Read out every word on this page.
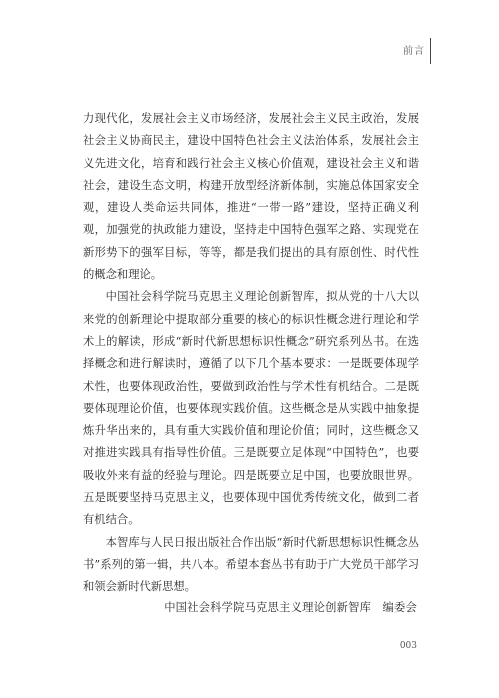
前言

力现代化，发展社会主义市场经济，发展社会主义民主政治，发展社会主义协商民主，建设中国特色社会主义法治体系，发展社会主义先进文化，培育和践行社会主义核心价值观，建设社会主义和谐社会，建设生态文明，构建开放型经济新体制，实施总体国家安全观，建设人类命运共同体，推进“一带一路”建设，坚持正确义利观，加强党的执政能力建设，坚持走中国特色强军之路、实现党在新形势下的强军目标，等等，都是我们提出的具有原创性、时代性的概念和理论。

中国社会科学院马克思主义理论创新智库，拟从党的十八大以来党的创新理论中提取部分重要的核心的标识性概念进行理论和学术上的解读，形成“新时代新思想标识性概念”研究系列丛书。在选择概念和进行解读时，遵循了以下几个基本要求：一是既要体现学术性，也要体现政治性，要做到政治性与学术性有机结合。二是既要体现理论价值，也要体现实践价值。这些概念是从实践中抽象提炼升华出来的，具有重大实践价值和理论价值；同时，这些概念又对推进实践具有指导性价值。三是既要立足体现“中国特色”，也要吸收外来有益的经验与理论。四是既要立足中国，也要放眼世界。五是既要坚持马克思主义，也要体现中国优秀传统文化，做到二者有机结合。

本智库与人民日报出版社合作出版“新时代新思想标识性概念丛书”系列的第一辑，共八本。希望本套丛书有助于广大党员干部学习和领会新时代新思想。

中国社会科学院马克思主义理论创新智库   编委会
003
